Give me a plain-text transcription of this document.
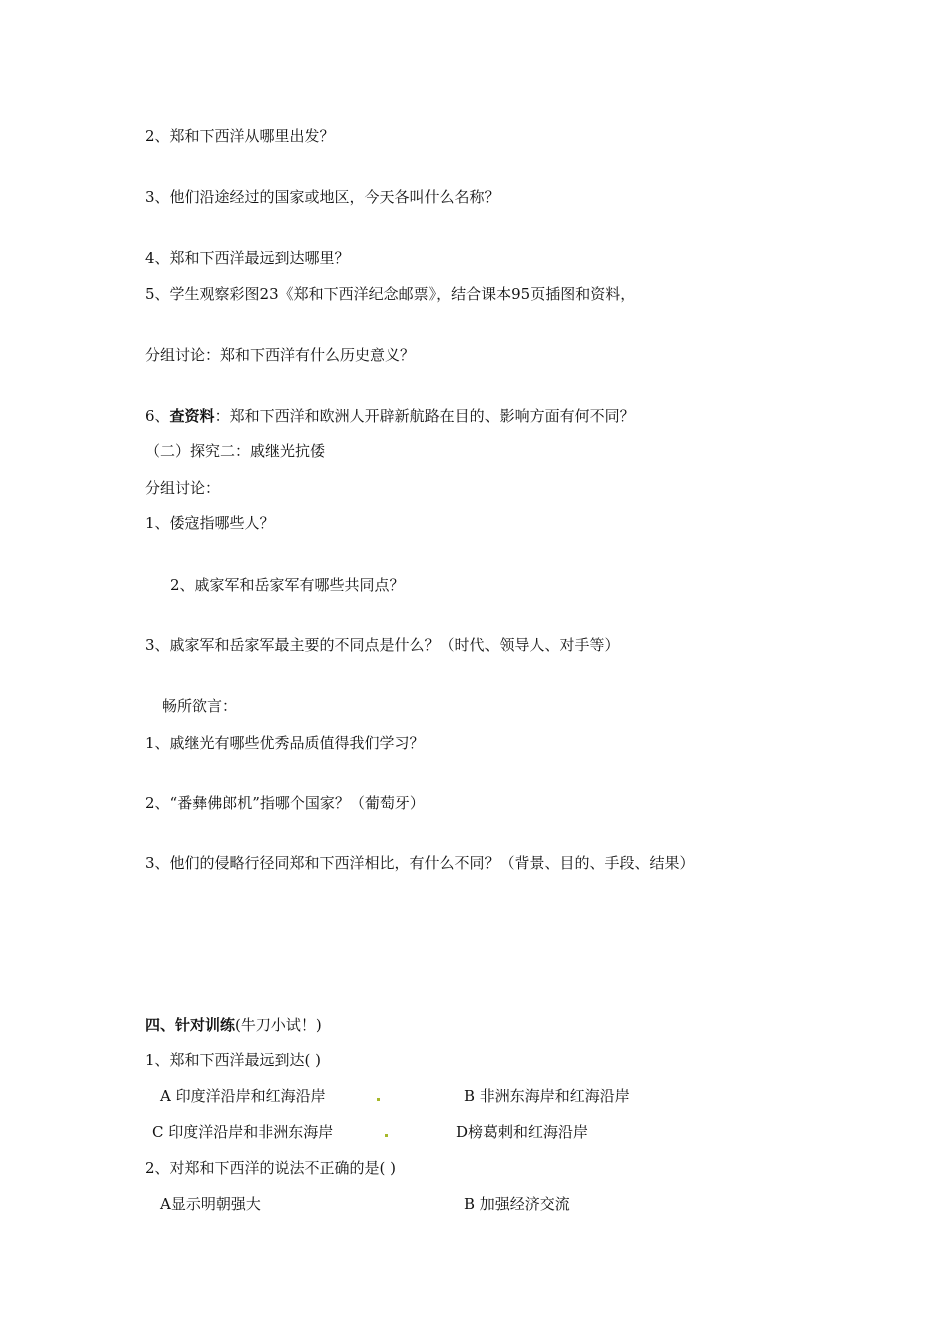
2、郑和下西洋从哪里出发？
3、他们沿途经过的国家或地区，今天各叫什么名称？
4、郑和下西洋最远到达哪里？
5、学生观察彩图23《郑和下西洋纪念邮票》，结合课本95页插图和资料，
分组讨论：郑和下西洋有什么历史意义？
6、查资料：郑和下西洋和欧洲人开辟新航路在目的、影响方面有何不同？
（二）探究二：戚继光抗倭
分组讨论：
1、倭寇指哪些人？
2、戚家军和岳家军有哪些共同点？
3、戚家军和岳家军最主要的不同点是什么？（时代、领导人、对手等）
畅所欲言：
1、戚继光有哪些优秀品质值得我们学习？
2、“番彝佛郎机”指哪个国家？（葡萄牙）
3、他们的侵略行径同郑和下西洋相比，有什么不同？（背景、目的、手段、结果）
四、针对训练(牛刀小试！)
1、郑和下西洋最远到达( )
A 印度洋沿岸和红海沿岸	B 非洲东海岸和红海沿岸
C 印度洋沿岸和非洲东海岸	D榜葛剌和红海沿岸
2、对郑和下西洋的说法不正确的是( )
A显示明朝强大	B 加强经济交流
